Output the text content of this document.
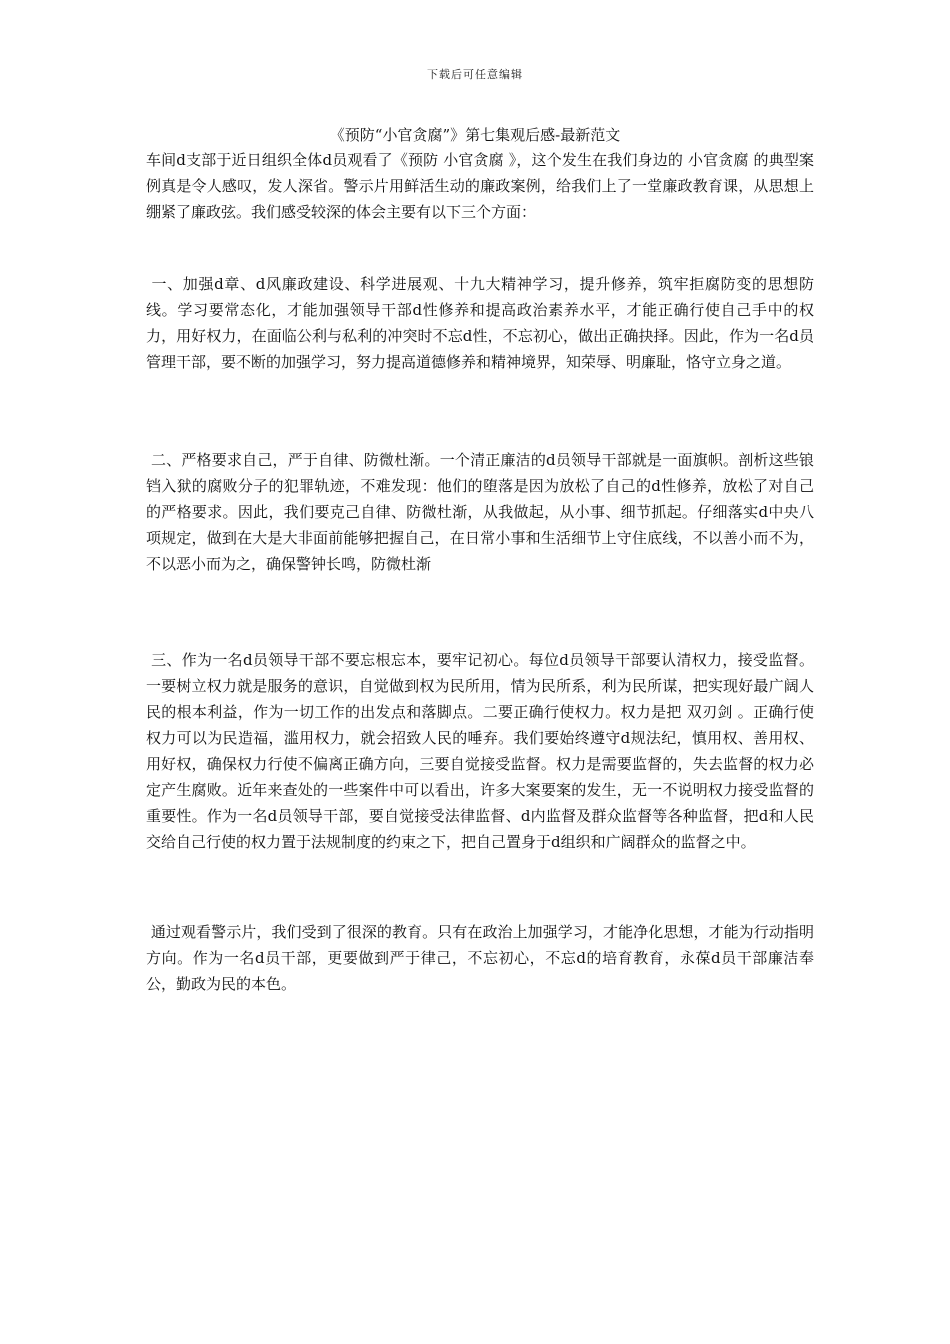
下载后可任意编辑
《预防“小官贪腐”》第七集观后感-最新范文

车间d支部于近日组织全体d员观看了《预防 小官贪腐 》，这个发生在我们身边的 小官贪腐 的典型案例真是令人感叹，发人深省。警示片用鲜活生动的廉政案例，给我们上了一堂廉政教育课，从思想上绷紧了廉政弦。我们感受较深的体会主要有以下三个方面：

一、加强d章、d风廉政建设、科学进展观、十九大精神学习，提升修养，筑牢拒腐防变的思想防线。学习要常态化，才能加强领导干部d性修养和提高政治素养水平，才能正确行使自己手中的权力，用好权力，在面临公利与私利的冲突时不忘d性，不忘初心，做出正确抉择。因此，作为一名d员管理干部，要不断的加强学习，努力提高道德修养和精神境界，知荣辱、明廉耻，恪守立身之道。

二、严格要求自己，严于自律、防微杜渐。一个清正廉洁的d员领导干部就是一面旗帜。剖析这些锒铛入狱的腐败分子的犯罪轨迹，不难发现：他们的堕落是因为放松了自己的d性修养，放松了对自己的严格要求。因此，我们要克己自律、防微杜渐，从我做起，从小事、细节抓起。仔细落实d中央八项规定，做到在大是大非面前能够把握自己，在日常小事和生活细节上守住底线，不以善小而不为，不以恶小而为之，确保警钟长鸣，防微杜渐

三、作为一名d员领导干部不要忘根忘本，要牢记初心。每位d员领导干部要认清权力，接受监督。一要树立权力就是服务的意识，自觉做到权为民所用，情为民所系，利为民所谋，把实现好最广阔人民的根本利益，作为一切工作的出发点和落脚点。二要正确行使权力。权力是把 双刃剑 。正确行使权力可以为民造福，滥用权力，就会招致人民的唾弃。我们要始终遵守d规法纪，慎用权、善用权、用好权，确保权力行使不偏离正确方向，三要自觉接受监督。权力是需要监督的，失去监督的权力必定产生腐败。近年来查处的一些案件中可以看出，许多大案要案的发生，无一不说明权力接受监督的重要性。作为一名d员领导干部，要自觉接受法律监督、d内监督及群众监督等各种监督，把d和人民交给自己行使的权力置于法规制度的约束之下，把自己置身于d组织和广阔群众的监督之中。

通过观看警示片，我们受到了很深的教育。只有在政治上加强学习，才能净化思想，才能为行动指明方向。作为一名d员干部，更要做到严于律己，不忘初心，不忘d的培育教育，永葆d员干部廉洁奉公，勤政为民的本色。
